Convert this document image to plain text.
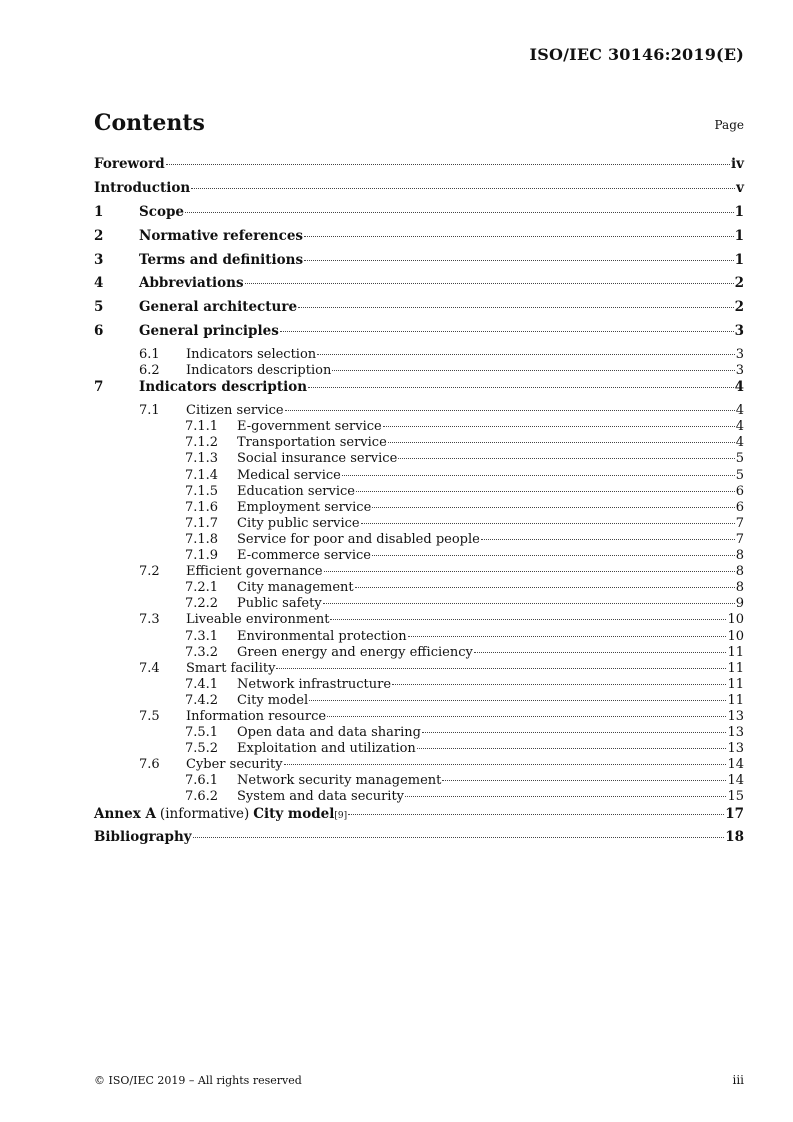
ISO/IEC 30146:2019(E)
Contents	Page
Foreword	iv
Introduction	v
1	Scope	1
2	Normative references	1
3	Terms and definitions	1
4	Abbreviations	2
5	General architecture	2
6	General principles	3
6.1	Indicators selection	3
6.2	Indicators description	3
7	Indicators description	4
7.1	Citizen service	4
7.1.1	E-government service	4
7.1.2	Transportation service	4
7.1.3	Social insurance service	5
7.1.4	Medical service	5
7.1.5	Education service	6
7.1.6	Employment service	6
7.1.7	City public service	7
7.1.8	Service for poor and disabled people	7
7.1.9	E-commerce service	8
7.2	Efficient governance	8
7.2.1	City management	8
7.2.2	Public safety	9
7.3	Liveable environment	10
7.3.1	Environmental protection	10
7.3.2	Green energy and energy efficiency	11
7.4	Smart facility	11
7.4.1	Network infrastructure	11
7.4.2	City model	11
7.5	Information resource	13
7.5.1	Open data and data sharing	13
7.5.2	Exploitation and utilization	13
7.6	Cyber security	14
7.6.1	Network security management	14
7.6.2	System and data security	15
Annex A (informative) City model [9]	17
Bibliography	18
© ISO/IEC 2019 – All rights reserved	iii
